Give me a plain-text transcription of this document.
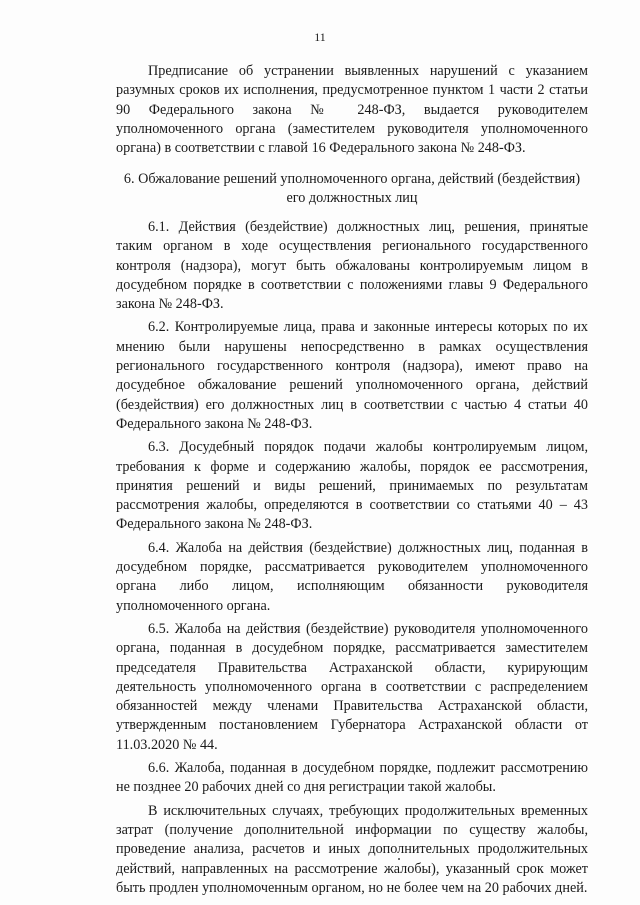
11

Предписание об устранении выявленных нарушений с указанием разумных сроков их исполнения, предусмотренное пунктом 1 части 2 статьи 90 Федерального закона № 248-ФЗ, выдается руководителем уполномоченного органа (заместителем руководителя уполномоченного органа) в соответствии с главой 16 Федерального закона № 248-ФЗ.

6. Обжалование решений уполномоченного органа, действий (бездействия) его должностных лиц

6.1. Действия (бездействие) должностных лиц, решения, принятые таким органом в ходе осуществления регионального государственного контроля (надзора), могут быть обжалованы контролируемым лицом в досудебном порядке в соответствии с положениями главы 9 Федерального закона № 248-ФЗ.

6.2. Контролируемые лица, права и законные интересы которых по их мнению были нарушены непосредственно в рамках осуществления регионального государственного контроля (надзора), имеют право на досудебное обжалование решений уполномоченного органа, действий (бездействия) его должностных лиц в соответствии с частью 4 статьи 40 Федерального закона № 248-ФЗ.

6.3. Досудебный порядок подачи жалобы контролируемым лицом, требования к форме и содержанию жалобы, порядок ее рассмотрения, принятия решений и виды решений, принимаемых по результатам рассмотрения жалобы, определяются в соответствии со статьями 40 – 43 Федерального закона № 248-ФЗ.

6.4. Жалоба на действия (бездействие) должностных лиц, поданная в досудебном порядке, рассматривается руководителем уполномоченного органа либо лицом, исполняющим обязанности руководителя уполномоченного органа.

6.5. Жалоба на действия (бездействие) руководителя уполномоченного органа, поданная в досудебном порядке, рассматривается заместителем председателя Правительства Астраханской области, курирующим деятельность уполномоченного органа в соответствии с распределением обязанностей между членами Правительства Астраханской области, утвержденным постановлением Губернатора Астраханской области от 11.03.2020 № 44.

6.6. Жалоба, поданная в досудебном порядке, подлежит рассмотрению не позднее 20 рабочих дней со дня регистрации такой жалобы.

В исключительных случаях, требующих продолжительных временных затрат (получение дополнительной информации по существу жалобы, проведение анализа, расчетов и иных дополнительных продолжительных действий, направленных на рассмотрение жалобы), указанный срок может быть продлен уполномоченным органом, но не более чем на 20 рабочих дней.
